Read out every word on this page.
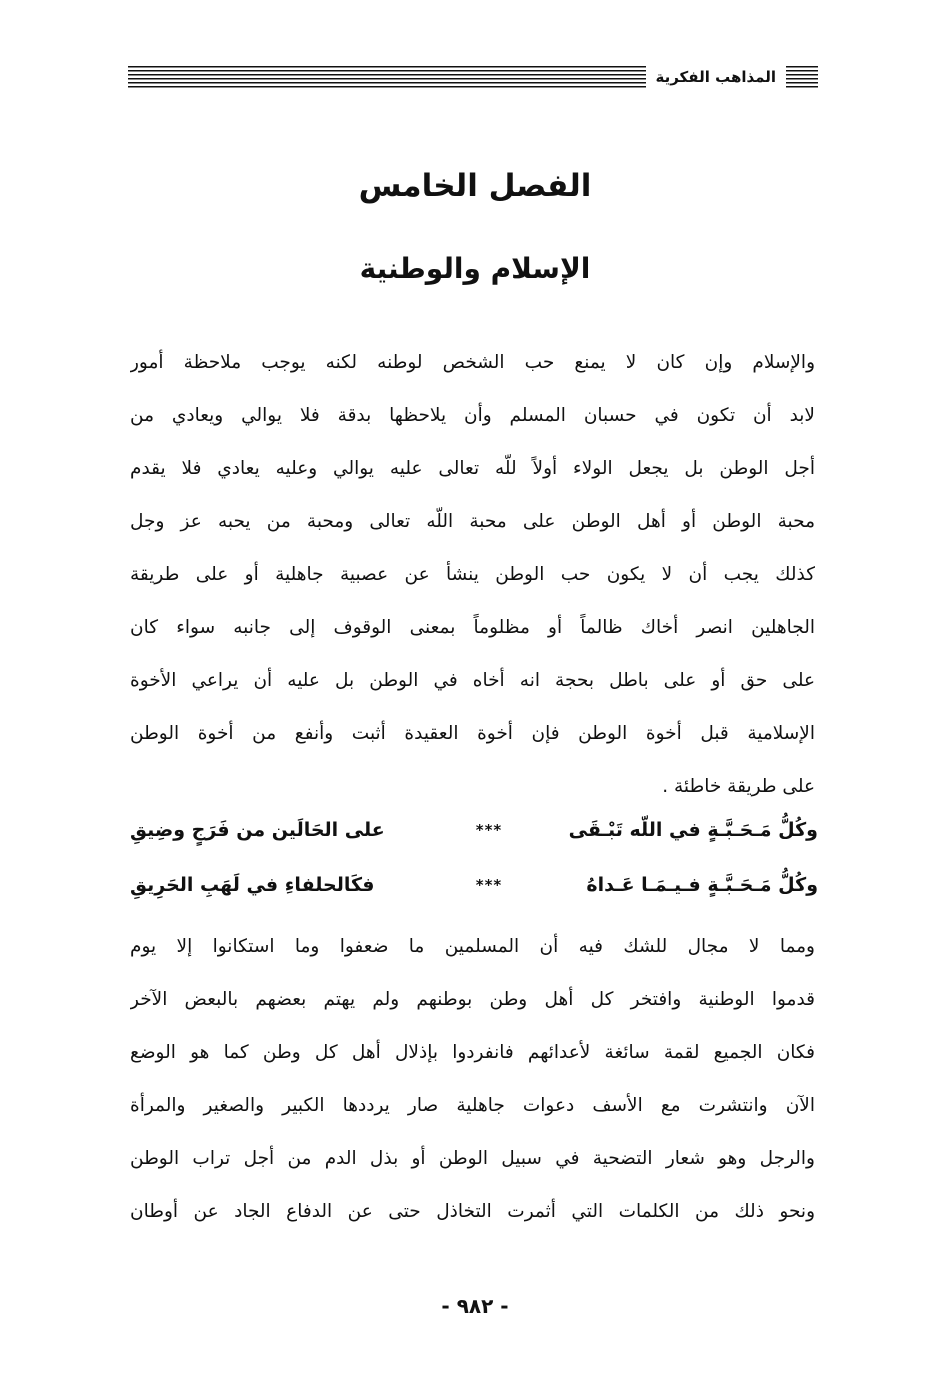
المذاهب الفكرية
الفصل الخامس
الإسلام والوطنية
والإسلام وإن كان لا يمنع حب الشخص لوطنه لكنه يوجب ملاحظة أمور
لابد أن تكون في حسبان المسلم وأن يلاحظها بدقة فلا يوالي ويعادي من
أجل الوطن بل يجعل الولاء أولاً للّه تعالى عليه يوالي وعليه يعادي فلا يقدم
محبة الوطن أو أهل الوطن على محبة اللّه تعالى ومحبة من يحبه عز وجل
كذلك يجب أن لا يكون حب الوطن ينشأ عن عصبية جاهلية أو على طريقة
الجاهلين انصر أخاك ظالماً أو مظلوماً بمعنى الوقوف إلى جانبه سواء كان
على حق أو على باطل بحجة انه أخاه في الوطن بل عليه أن يراعي الأخوة
الإسلامية قبل أخوة الوطن فإن أخوة العقيدة أثبت وأنفع من أخوة الوطن
على طريقة خاطئة .
وكُلُّ مَـحَـبَّـةٍ في اللّه تَبْـقَى
***
على الحَالَين من فَرَجٍ وضِيقِ
وكُلُّ مَـحَـبَّـةٍ فـيـمَـا عَـداهُ
***
فكَالحلفاءِ في لَهَبِ الحَرِيقِ
ومما لا مجال للشك فيه أن المسلمين ما ضعفوا وما استكانوا إلا يوم
قدموا الوطنية وافتخر كل أهل وطن بوطنهم ولم يهتم بعضهم بالبعض الآخر
فكان الجميع لقمة سائغة لأعدائهم فانفردوا بإذلال أهل كل وطن كما هو الوضع
الآن وانتشرت مع الأسف دعوات جاهلية صار يرددها الكبير والصغير والمرأة
والرجل وهو شعار التضحية في سبيل الوطن أو بذل الدم من أجل تراب الوطن
ونحو ذلك من الكلمات التي أثمرت التخاذل حتى عن الدفاع الجاد عن أوطان
- ٩٨٢ -
